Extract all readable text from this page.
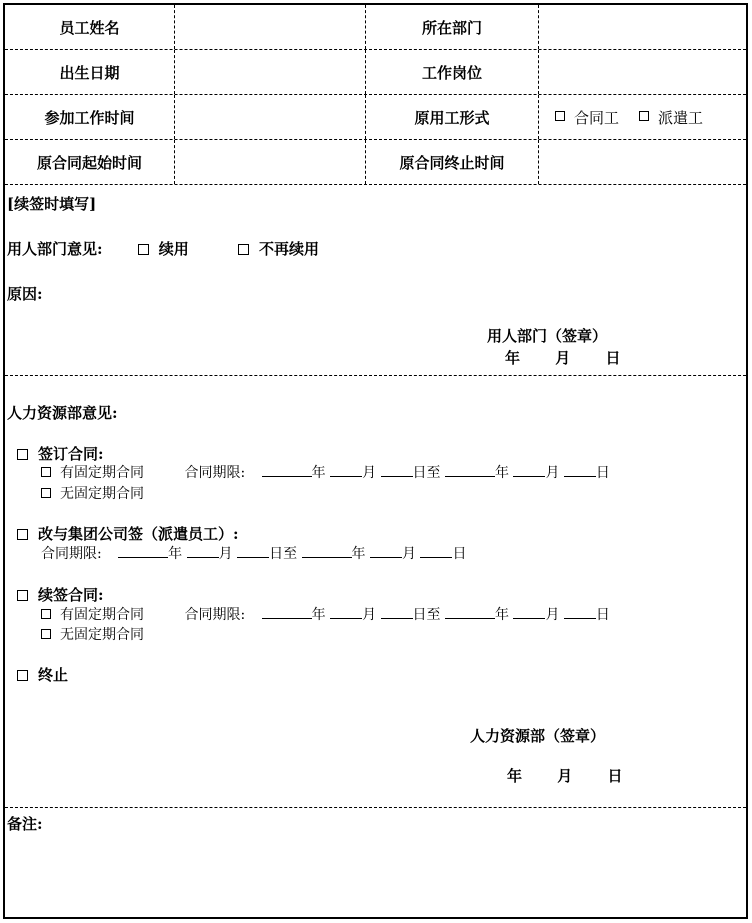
员工姓名	所在部门
出生日期	工作岗位
参加工作时间	原用工形式	合同工	派遣工
原合同起始时间	原合同终止时间
[续签时填写]
用人部门意见:	续用	不再续用
原因:
用人部门（签章）
年 月 日
人力资源部意见:
签订合同:
有固定期合同	合同期限:	年	月	日至	年	月	日
无固定期合同
改与集团公司签（派遣员工）:
合同期限:	年	月	日至	年	月	日
续签合同:
有固定期合同	合同期限:	年	月	日至	年	月	日
无固定期合同
终止
人力资源部（签章）
年 月 日
备注:
